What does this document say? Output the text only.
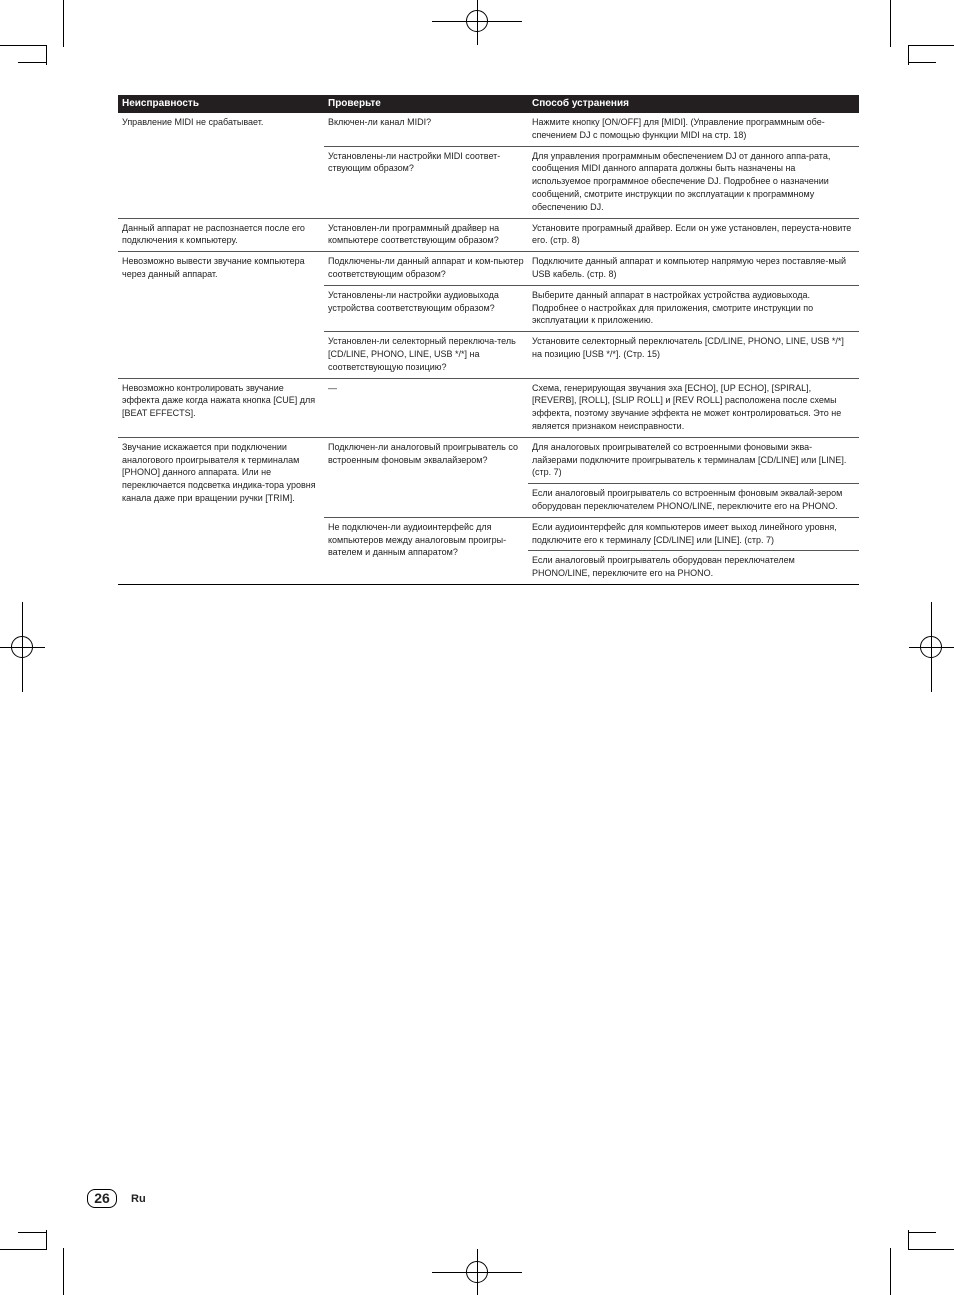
Неисправность	Проверьте	Способ устранения

Управление MIDI не срабатывает.	Включен-ли канал MIDI?	Нажмите кнопку [ON/OFF] для [MIDI]. (Управление программным обе-спечением DJ с помощью функции MIDI на стр. 18)

	Установлены-ли настройки MIDI соответ-ствующим образом?	Для управления программным обеспечением DJ от данного аппа-рата, сообщения MIDI данного аппарата должны быть назначены на используемое программное обеспечение DJ. Подробнее о назначении сообщений, смотрите инструкции по эксплуатации к программному обеспечению DJ.

Данный аппарат не распознается после его подключения к компьютеру.	Установлен-ли программный драйвер на компьютере соответствующим образом?	Установите програмный драйвер. Если он уже установлен, переуста-новите его. (стр. 8)

Невозможно вывести звучание компьютера через данный аппарат.	Подключены-ли данный аппарат и ком-пьютер соответствующим образом?	Подключите данный аппарат и компьютер напрямую через поставляе-мый USB кабель. (стр. 8)

	Установлены-ли настройки аудиовыхода устройства соответствующим образом?	Выберите данный аппарат в настройках устройства аудиовыхода. Подробнее о настройках для приложения, смотрите инструкции по эксплуатации к приложению.

	Установлен-ли селекторный переключа-тель [CD/LINE, PHONO, LINE, USB */*] на соответствующую позицию?	Установите селекторный переключатель [CD/LINE, PHONO, LINE, USB */*] на позицию [USB */*]. (Стр. 15)

Невозможно контролировать звучание эффекта даже когда нажата кнопка [CUE] для [BEAT EFFECTS].	—	Схема, генерирующая звучания эха [ECHO], [UP ECHO], [SPIRAL], [REVERB], [ROLL], [SLIP ROLL] и [REV ROLL] расположена после схемы эффекта, поэтому звучание эффекта не может контролироваться. Это не является признаком неисправности.

Звучание искажается при подключении аналогового проигрывателя к терминалам [PHONO] данного аппарата. Или не переключается подсветка индика-тора уровня канала даже при вращении ручки [TRIM].	Подключен-ли аналоговый проигрыватель со встроенным фоновым эквалайзером?	Для аналоговых проигрывателей со встроенными фоновыми эква-лайзерами подключите проигрыватель к терминалам [CD/LINE] или [LINE]. (стр. 7)

		Если аналоговый проигрыватель со встроенным фоновым эквалай-зером оборудован переключателем PHONO/LINE, переключите его на PHONO.

	Не подключен-ли аудиоинтерфейс для компьютеров между аналоговым проигры-вателем и данным аппаратом?	Если аудиоинтерфейс для компьютеров имеет выход линейного уровня, подключите его к терминалу [CD/LINE] или [LINE]. (стр. 7)

		Если аналоговый проигрыватель оборудован переключателем PHONO/LINE, переключите его на PHONO.
26	Ru
